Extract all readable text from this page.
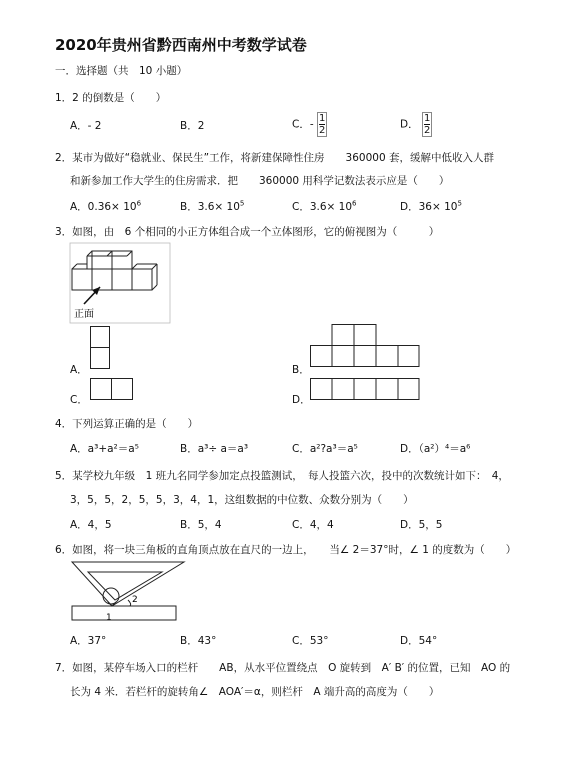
2020年贵州省黔西南州中考数学试卷
一．选择题（共　10 小题）
1．2 的倒数是（　　）
A．- 2	B．2	C．- $\frac{1}{2}$	D． $\frac{1}{2}$
2．某市为做好“稳就业、保民生”工作，将新建保障性住房　　360000 套，缓解中低收入人群
和新参加工作大学生的住房需求．把　　360000 用科学记数法表示应是（　　）
A．$0.36\times 10^6$	B．$3.6\times 10^5$	C．$3.6\times 10^6$	D．$36\times 10^5$
3．如图，由　6 个相同的小正方体组合成一个立体图形，它的俯视图为（　　　）
正面
A．	B．
C．	D．
4．下列运算正确的是（　　）
A．a³+a²＝a⁵	B．a³÷ a＝a³	C．a²?a³＝a⁵	D．（a²）⁴＝a⁶
5．某学校九年级　1 班九名同学参加定点投篮测试，　每人投篮六次，投中的次数统计如下：　4，
3，5，5，2，5，5，3，4，1，这组数据的中位数、众数分别为（　　）
A．4，5	B．5，4	C．4，4	D．5，5
6．如图，将一块三角板的直角顶点放在直尺的一边上，　　当∠ 2＝37°时，∠ 1 的度数为（　　）
1
2
A．37°	B．43°	C．53°	D．54°
7．如图，某停车场入口的栏杆　　AB，从水平位置绕点　O 旋转到　A′ B′ 的位置，已知　AO 的
长为 4 米．若栏杆的旋转角∠　AOA′＝α，则栏杆　A 端升高的高度为（　　）
